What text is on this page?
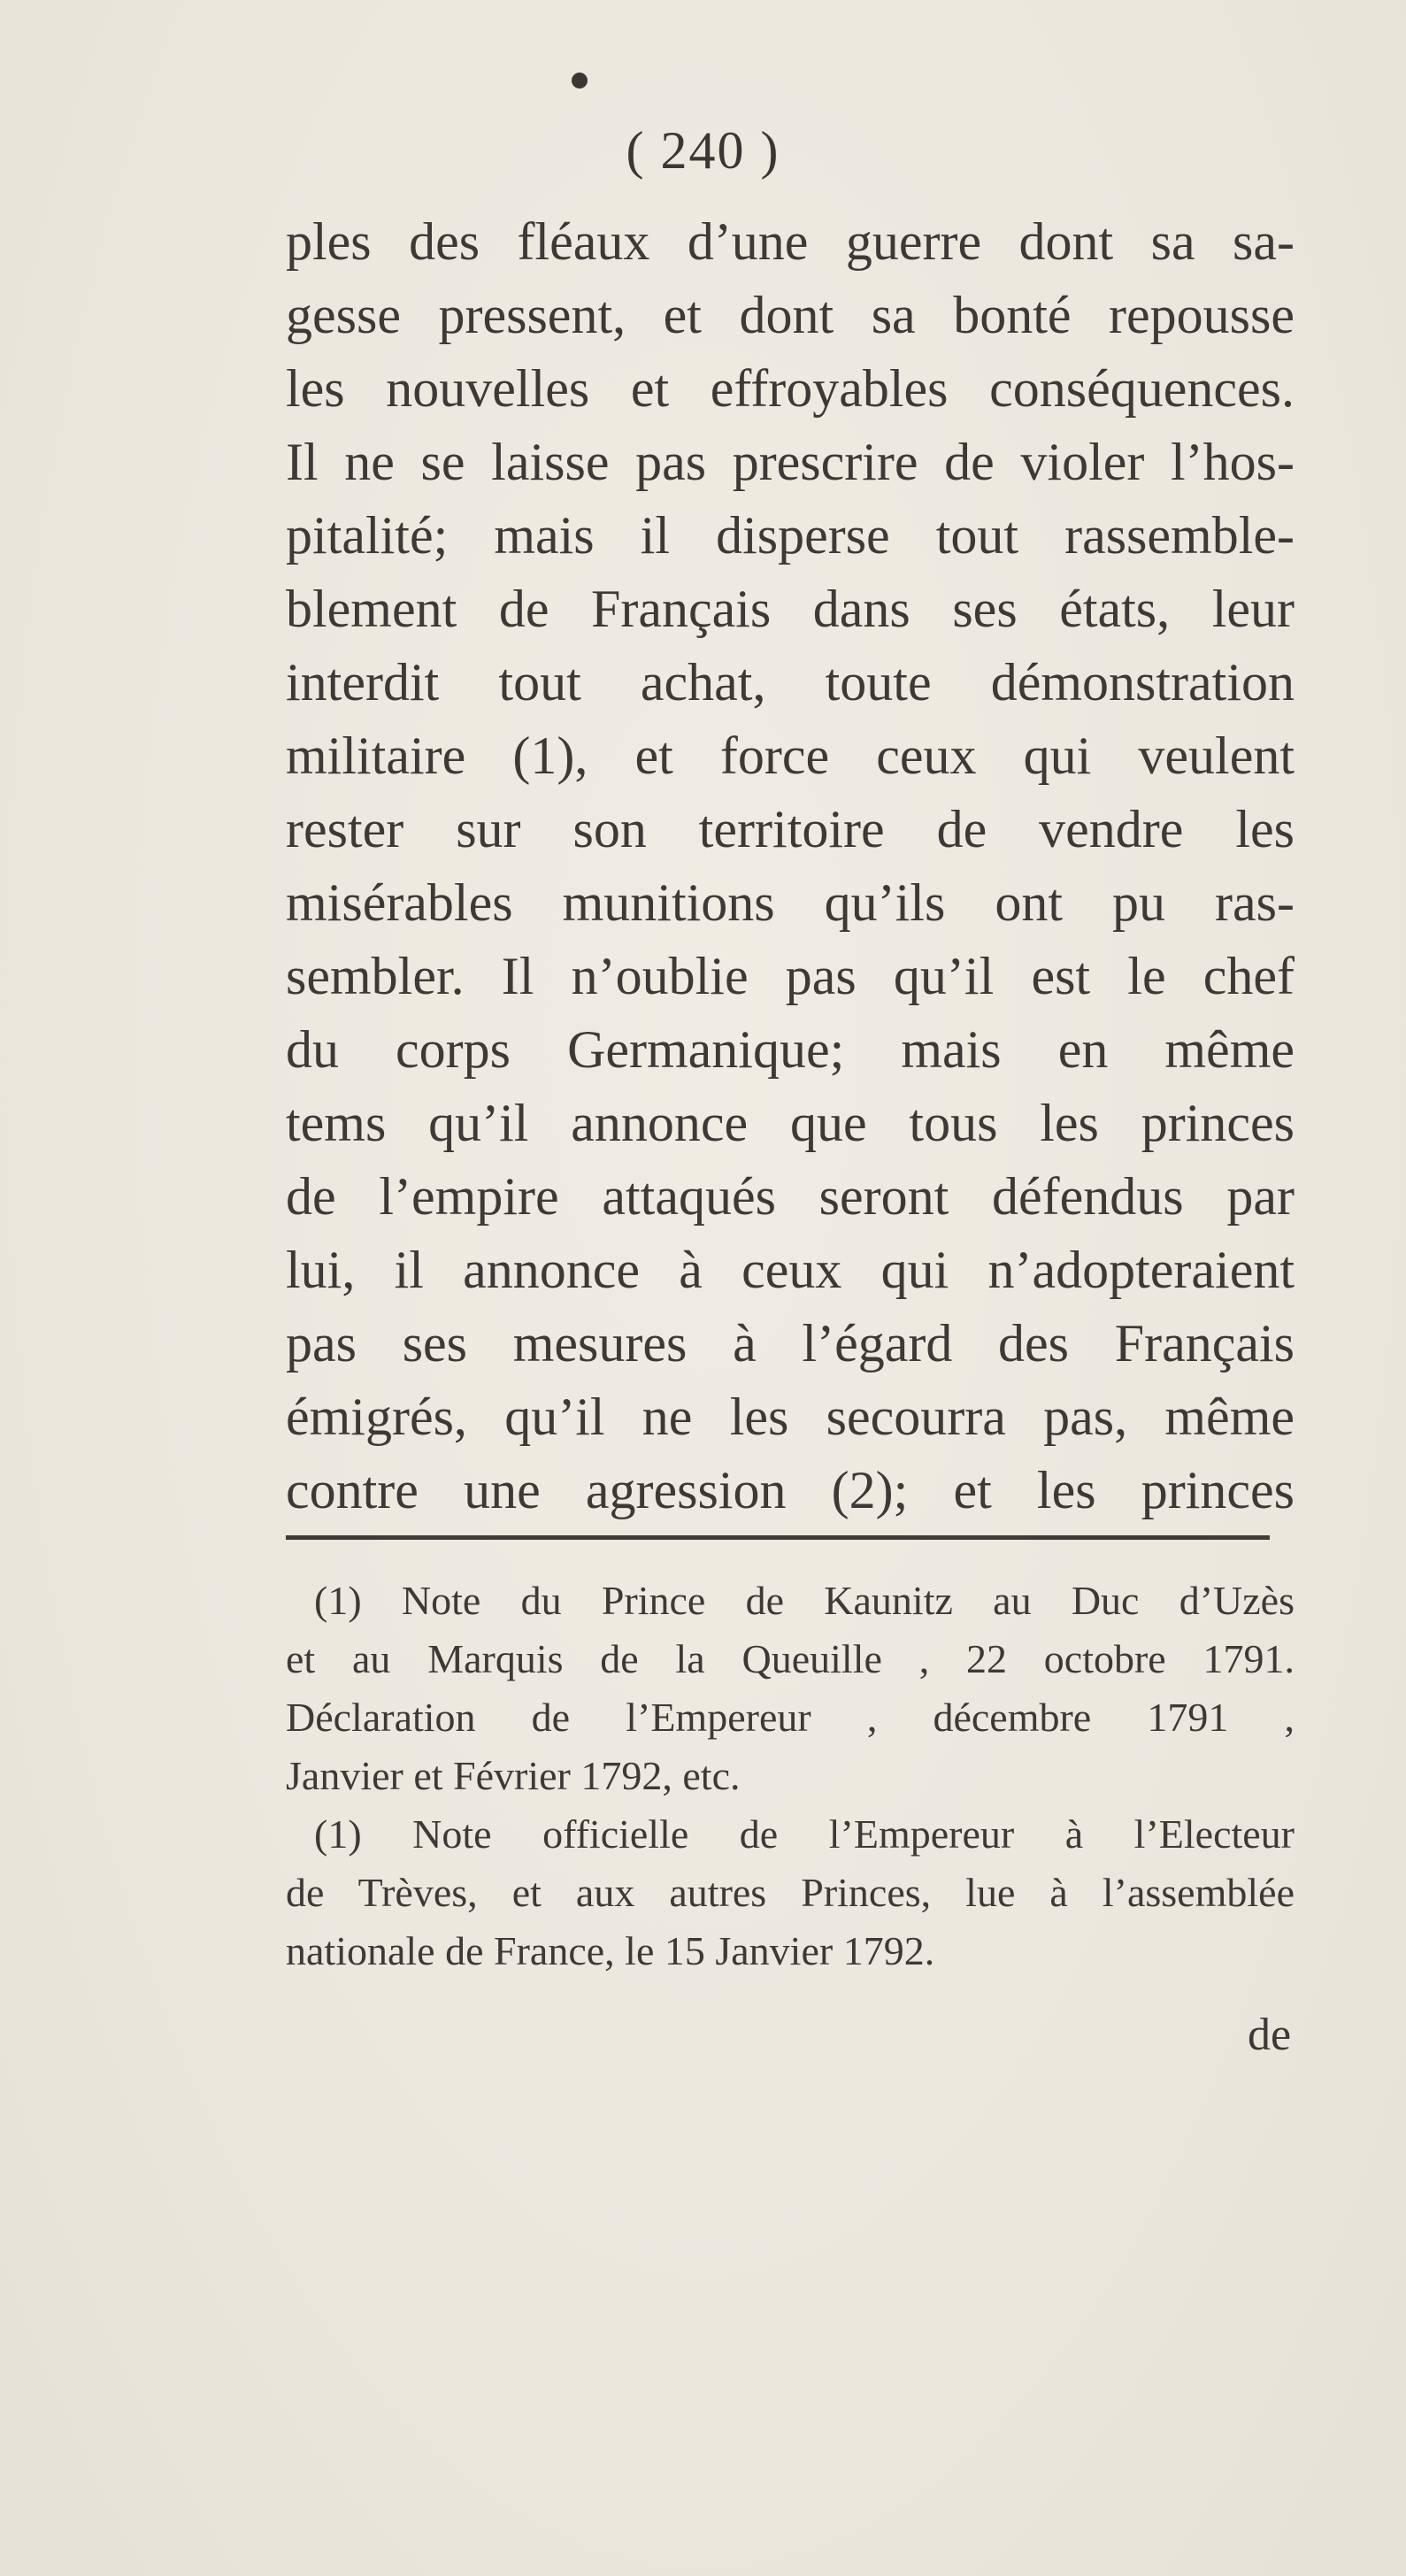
( 240 )
ples des fléaux d’une guerre dont sa sa-
gesse pressent, et dont sa bonté repousse
les nouvelles et effroyables conséquences.
Il ne se laisse pas prescrire de violer l’hos-
pitalité; mais il disperse tout rassemble-
blement de Français dans ses états, leur
interdit tout achat, toute démonstration
militaire (1), et force ceux qui veulent
rester sur son territoire de vendre les
misérables munitions qu’ils ont pu ras-
sembler. Il n’oublie pas qu’il est le chef
du corps Germanique; mais en même
tems qu’il annonce que tous les princes
de l’empire attaqués seront défendus par
lui, il annonce à ceux qui n’adopteraient
pas ses mesures à l’égard des Français
émigrés, qu’il ne les secourra pas, même
contre une agression (2); et les princes
(1) Note du Prince de Kaunitz au Duc d’Uzès
et au Marquis de la Queuille , 22 octobre 1791.
Déclaration de l’Empereur , décembre 1791 ,
Janvier et Février 1792, etc.
(1) Note officielle de l’Empereur à l’Electeur
de Trèves, et aux autres Princes, lue à l’assemblée
nationale de France, le 15 Janvier 1792.
de
